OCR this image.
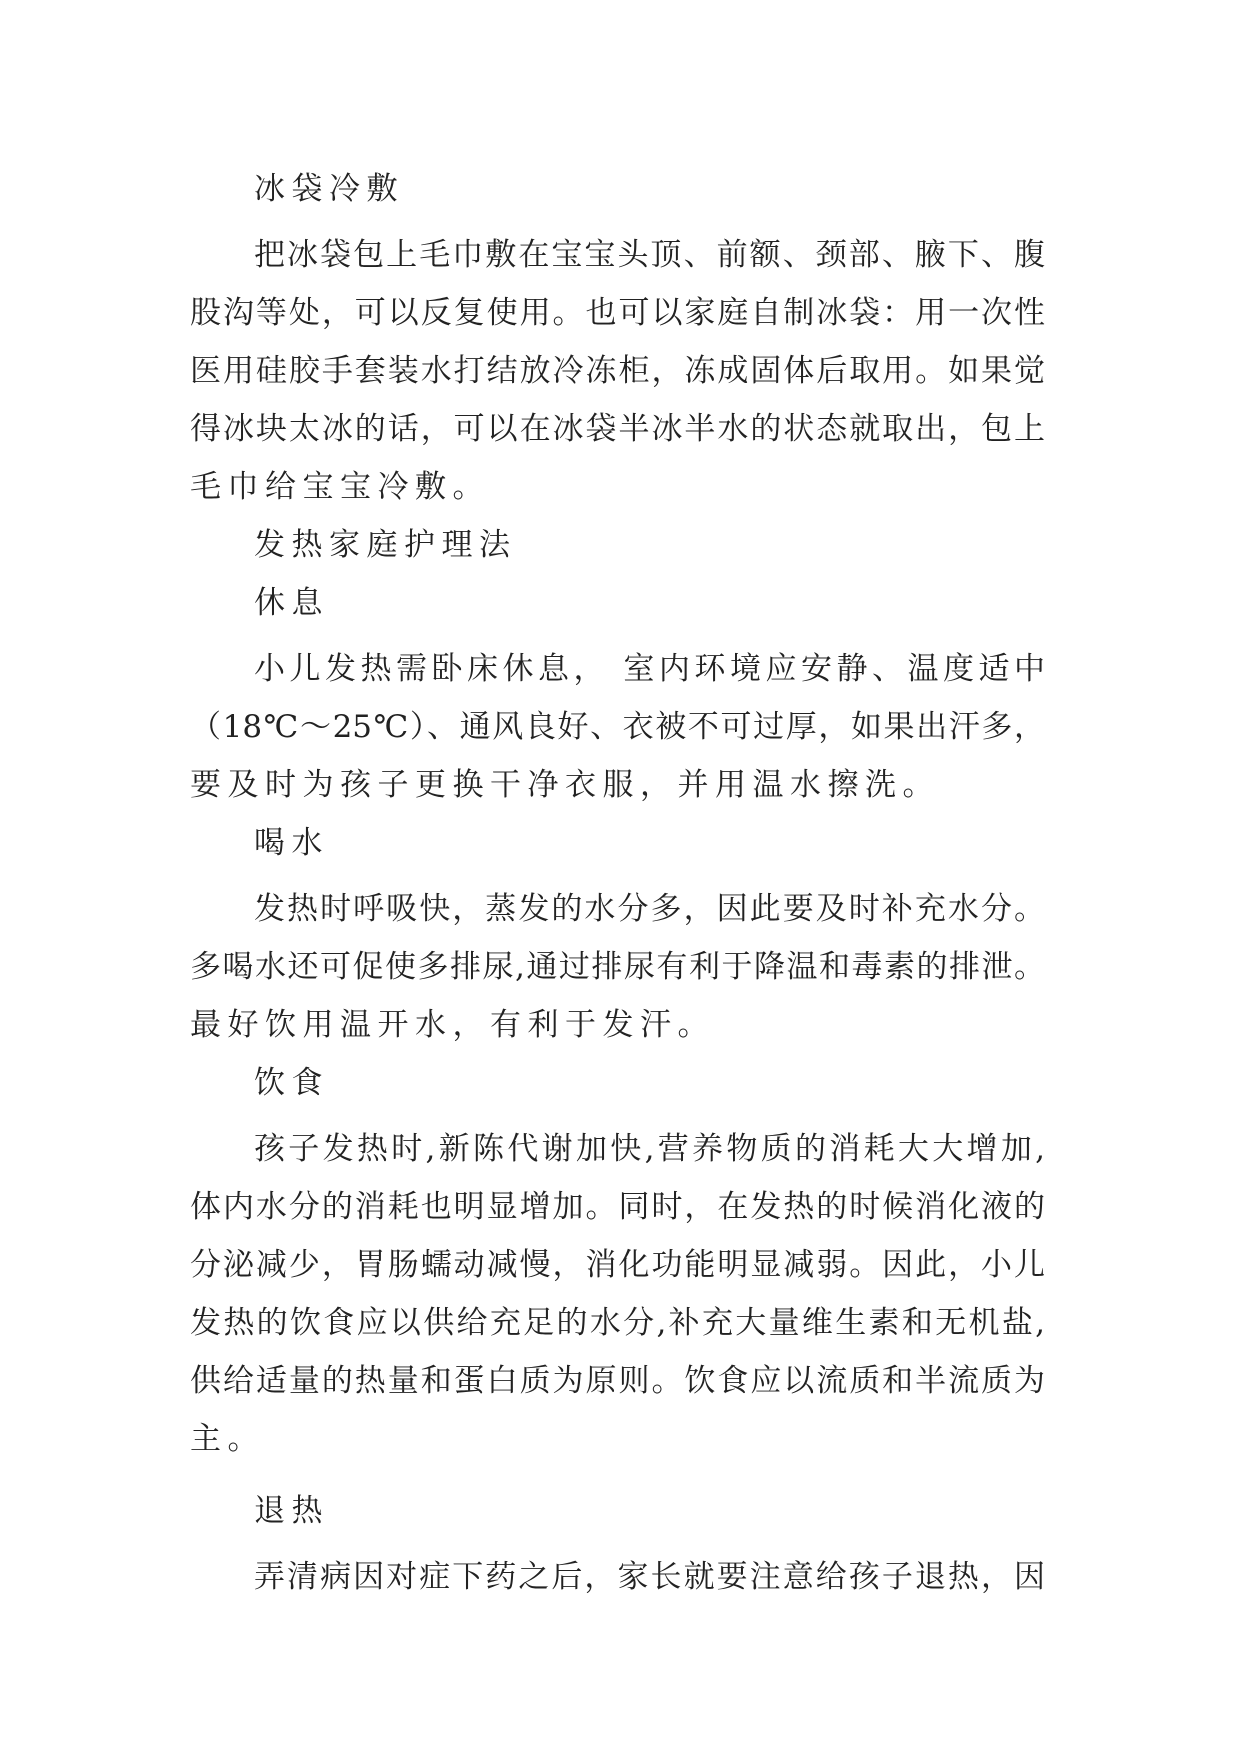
冰袋冷敷
把冰袋包上毛巾敷在宝宝头顶、前额、颈部、腋下、腹
股沟等处，可以反复使用。也可以家庭自制冰袋：用一次性
医用硅胶手套装水打结放冷冻柜，冻成固体后取用。如果觉
得冰块太冰的话，可以在冰袋半冰半水的状态就取出，包上
毛巾给宝宝冷敷。
发热家庭护理法
休息
小儿发热需卧床休息， 室内环境应安静、温度适中
（18℃～25℃）、通风良好、衣被不可过厚，如果出汗多，
要及时为孩子更换干净衣服，并用温水擦洗。
喝水
发热时呼吸快，蒸发的水分多，因此要及时补充水分。
多喝水还可促使多排尿,通过排尿有利于降温和毒素的排泄。
最好饮用温开水，有利于发汗。
饮食
孩子发热时,新陈代谢加快,营养物质的消耗大大增加,
体内水分的消耗也明显增加。同时，在发热的时候消化液的
分泌减少，胃肠蠕动减慢，消化功能明显减弱。因此，小儿
发热的饮食应以供给充足的水分,补充大量维生素和无机盐,
供给适量的热量和蛋白质为原则。饮食应以流质和半流质为
主。
退热
弄清病因对症下药之后，家长就要注意给孩子退热，因
